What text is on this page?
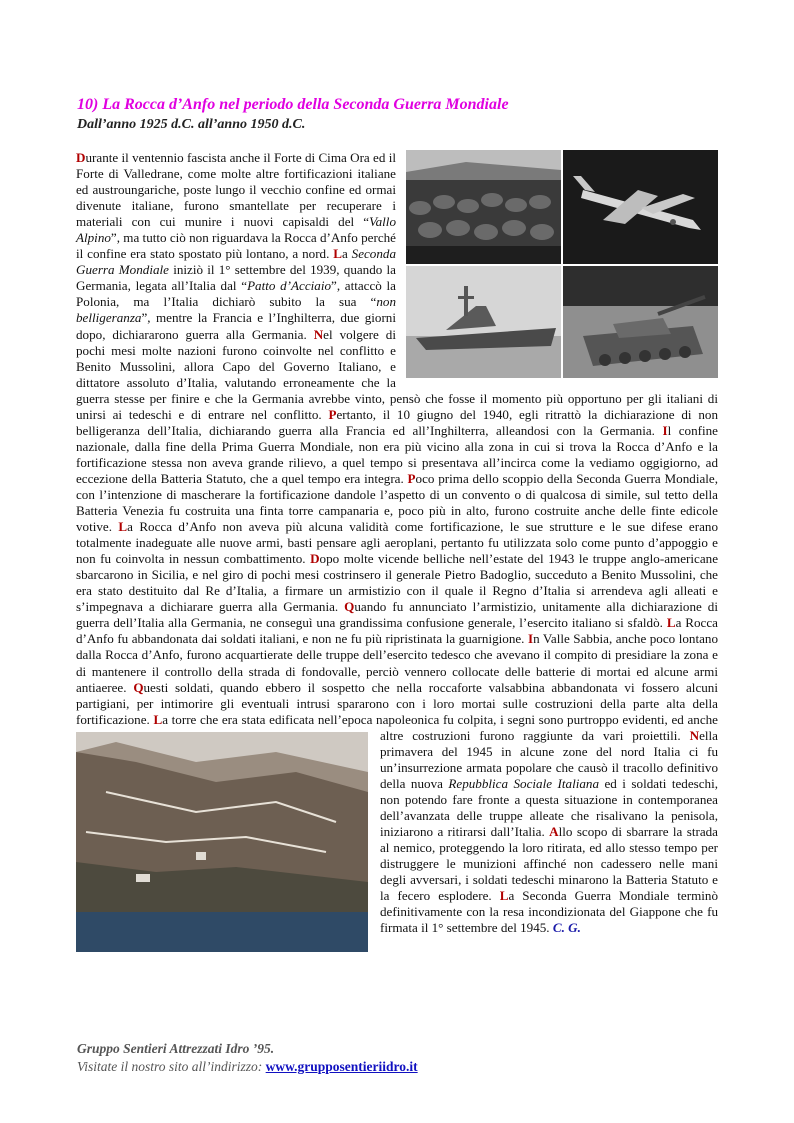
10) La Rocca d’Anfo nel periodo della Seconda Guerra Mondiale
Dall’anno 1925 d.C. all’anno 1950 d.C.
Durante il ventennio fascista anche il Forte di Cima Ora ed il Forte di Valledrane, come molte altre fortificazioni italiane ed austroungariche, poste lungo il vecchio confine ed ormai divenute italiane, furono smantellate per recuperare i materiali con cui munire i nuovi capisaldi del “Vallo Alpino”, ma tutto ciò non riguardava la Rocca d’Anfo perché il confine era stato spostato più lontano, a nord. La Seconda Guerra Mondiale iniziò il 1° settembre del 1939, quando la Germania, legata all’Italia dal “Patto d’Acciaio”, attaccò la Polonia, ma l’Italia dichiarò subito la sua “non belligeranza”, mentre la Francia e l’Inghilterra, due giorni dopo, dichiararono guerra alla Germania. Nel volgere di pochi mesi molte nazioni furono coinvolte nel conflitto e Benito Mussolini, allora Capo del Governo Italiano, e dittatore assoluto d’Italia, valutando erroneamente che la guerra stesse per finire e che la Germania avrebbe vinto, pensò che fosse il momento più opportuno per gli italiani di unirsi ai tedeschi e di entrare nel conflitto. Pertanto, il 10 giugno del 1940, egli ritrattò la dichiarazione di non belligeranza dell’Italia, dichiarando guerra alla Francia ed all’Inghilterra, alleandosi con la Germania. Il confine nazionale, dalla fine della Prima Guerra Mondiale, non era più vicino alla zona in cui si trova la Rocca d’Anfo e la fortificazione stessa non aveva grande rilievo, a quel tempo si presentava all’incirca come la vediamo oggigiorno, ad eccezione della Batteria Statuto, che a quel tempo era integra. Poco prima dello scoppio della Seconda Guerra Mondiale, con l’intenzione di mascherare la fortificazione dandole l’aspetto di un convento o di qualcosa di simile, sul tetto della Batteria Venezia fu costruita una finta torre campanaria e, poco più in alto, furono costruite anche delle finte edicole votive. La Rocca d’Anfo non aveva più alcuna validità come fortificazione, le sue strutture e le sue difese erano totalmente inadeguate alle nuove armi, basti pensare agli aeroplani, pertanto fu utilizzata solo come punto d’appoggio e non fu coinvolta in nessun combattimento. Dopo molte vicende belliche nell’estate del 1943 le truppe anglo-americane sbarcarono in Sicilia, e nel giro di pochi mesi costrinsero il generale Pietro Badoglio, succeduto a Benito Mussolini, che era stato destituito dal Re d’Italia, a firmare un armistizio con il quale il Regno d’Italia si arrendeva agli alleati e s’impegnava a dichiarare guerra alla Germania. Quando fu annunciato l’armistizio, unitamente alla dichiarazione di guerra dell’Italia alla Germania, ne conseguì una grandissima confusione generale, l’esercito italiano si sfaldò. La Rocca d’Anfo fu abbandonata dai soldati italiani, e non ne fu più ripristinata la guarnigione. In Valle Sabbia, anche poco lontano dalla Rocca d’Anfo, furono acquartierate delle truppe dell’esercito tedesco che avevano il compito di presidiare la zona e di mantenere il controllo della strada di fondovalle, perciò vennero collocate delle batterie di mortai ed alcune armi antiaeree. Questi soldati, quando ebbero il sospetto che nella roccaforte valsabbina abbandonata vi fossero alcuni partigiani, per intimorire gli eventuali intrusi spararono con i loro mortai sulle costruzioni della parte alta della fortificazione. La torre che era stata edificata nell’epoca napoleonica fu colpita, i segni sono purtroppo evidenti, ed anche altre costruzioni furono raggiunte da vari proiettili. N
ella primavera del 1945 in alcune zone del nord Italia ci fu un’insurrezione armata popolare che causò il tracollo definitivo della nuova Repubblica Sociale Italiana ed i soldati tedeschi, non potendo fare fronte a questa situazione in contemporanea dell’avanzata delle truppe alleate che risalivano la penisola, iniziarono a ritirarsi dall’Italia. Allo scopo di sbarrare la strada al nemico, proteggendo la loro ritirata, ed allo stesso tempo per distruggere le munizioni affinché non cadessero nelle mani degli avversari, i soldati tedeschi minarono la Batteria Statuto e la fecero esplodere. La Seconda Guerra Mondiale terminò definitivamente con la resa incondizionata del Giappone che fu firmata il 1° settembre del 1945. C. G.
Gruppo Sentieri Attrezzati Idro ’95.
Visitate il nostro sito all’indirizzo: www.grupposentieriidro.it
